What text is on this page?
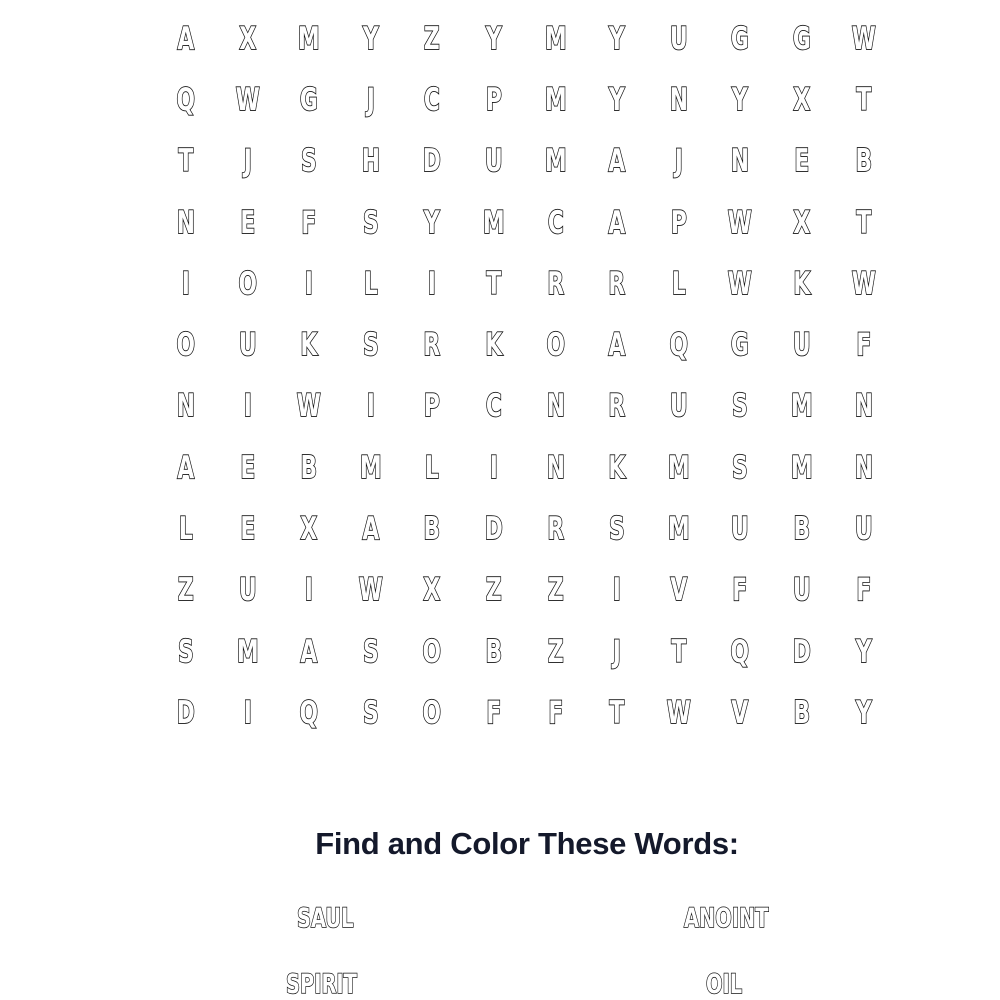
A	X	M	Y	Z	Y	M	Y	U	G	G	W
Q	W	G	J	C	P	M	Y	N	Y	X	T
T	J	S	H	D	U	M	A	J	N	E	B
N	E	F	S	Y	M	C	A	P	W	X	T
I	O	I	L	I	T	R	R	L	W	K	W
O	U	K	S	R	K	O	A	Q	G	U	F
N	I	W	I	P	C	N	R	U	S	M	N
A	E	B	M	L	I	N	K	M	S	M	N
L	E	X	A	B	D	R	S	M	U	B	U
Z	U	I	W	X	Z	Z	I	V	F	U	F
S	M	A	S	O	B	Z	J	T	Q	D	Y
D	I	Q	S	O	F	F	T	W	V	B	Y
Find and Color These Words:
SAUL	ANOINT
SPIRIT	OIL
